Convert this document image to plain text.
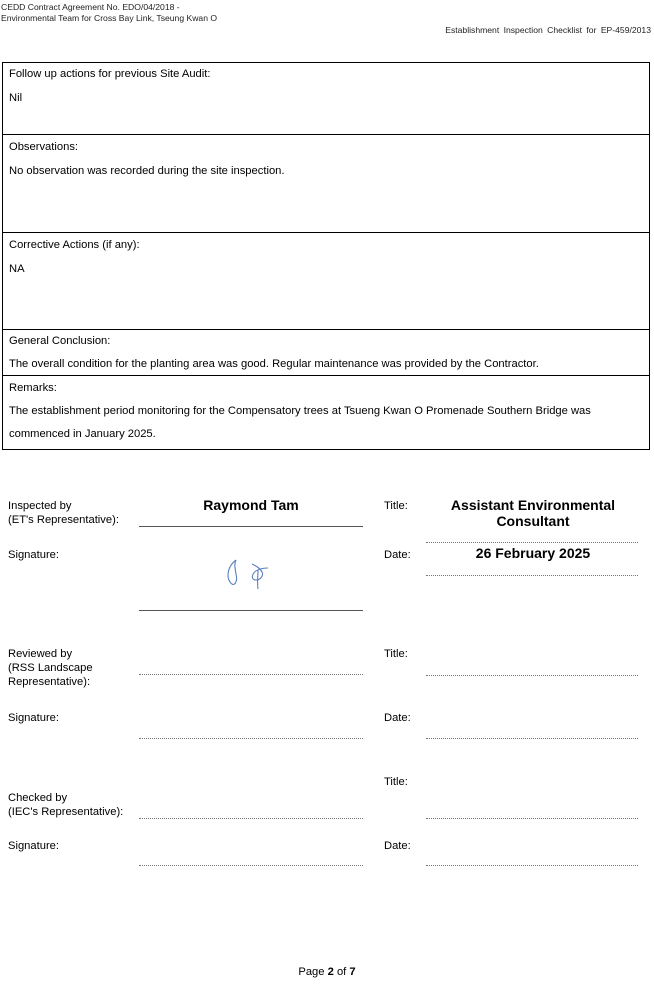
CEDD Contract Agreement No. EDO/04/2018 -
Environmental Team for Cross Bay Link, Tseung Kwan O
Establishment Inspection Checklist for EP-459/2013
Follow up actions for previous Site Audit:
Nil
Observations:
No observation was recorded during the site inspection.
Corrective Actions (if any):
NA
General Conclusion:
The overall condition for the planting area was good. Regular maintenance was provided by the Contractor.
Remarks:
The establishment period monitoring for the Compensatory trees at Tsueng Kwan O Promenade Southern Bridge was commenced in January 2025.
Inspected by
(ET's Representative):
Raymond Tam	Title:	Assistant Environmental Consultant
Signature:	Date:	26 February 2025
Reviewed by
(RSS Landscape
Representative):
Title:
Signature:	Date:
Title:
Checked by
(IEC's Representative):
Signature:	Date:
Page 2 of 7
